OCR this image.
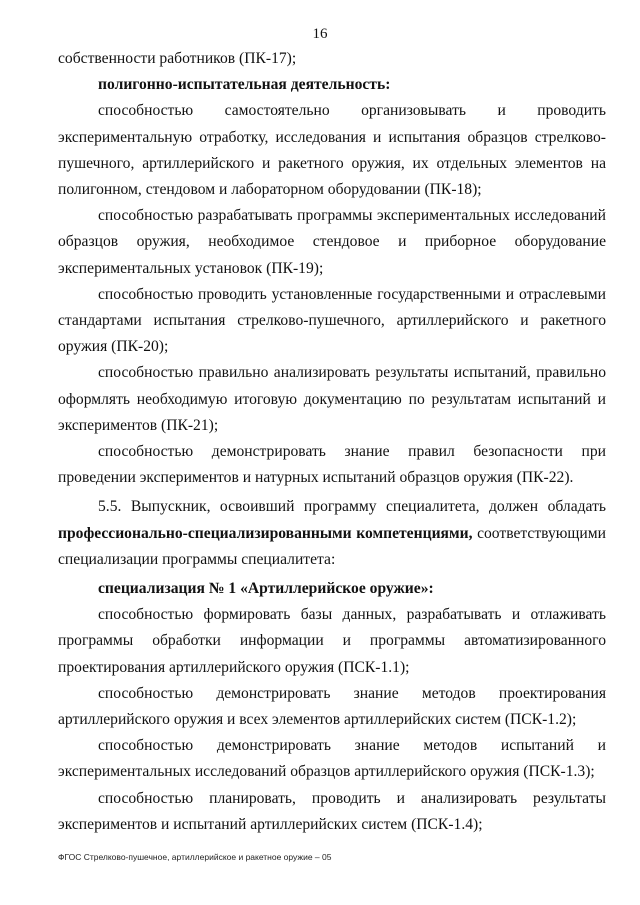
16

собственности работников (ПК-17);

полигонно-испытательная деятельность:

способностью самостоятельно организовывать и проводить экспериментальную отработку, исследования и испытания образцов стрелково-пушечного, артиллерийского и ракетного оружия, их отдельных элементов на полигонном, стендовом и лабораторном оборудовании (ПК-18);

способностью разрабатывать программы экспериментальных исследований образцов оружия, необходимое стендовое и приборное оборудование экспериментальных установок (ПК-19);

способностью проводить установленные государственными и отраслевыми стандартами испытания стрелково-пушечного, артиллерийского и ракетного оружия (ПК-20);

способностью правильно анализировать результаты испытаний, правильно оформлять необходимую итоговую документацию по результатам испытаний и экспериментов (ПК-21);

способностью демонстрировать знание правил безопасности при проведении экспериментов и натурных испытаний образцов оружия (ПК-22).

5.5. Выпускник, освоивший программу специалитета, должен обладать профессионально-специализированными компетенциями, соответствующими специализации программы специалитета:

специализация № 1 «Артиллерийское оружие»:

способностью формировать базы данных, разрабатывать и отлаживать программы обработки информации и программы автоматизированного проектирования артиллерийского оружия (ПСК-1.1);

способностью демонстрировать знание методов проектирования артиллерийского оружия и всех элементов артиллерийских систем (ПСК-1.2);

способностью демонстрировать знание методов испытаний и экспериментальных исследований образцов артиллерийского оружия (ПСК-1.3);

способностью планировать, проводить и анализировать результаты экспериментов и испытаний артиллерийских систем (ПСК-1.4);

ФГОС Стрелково-пушечное, артиллерийское и ракетное оружие – 05
